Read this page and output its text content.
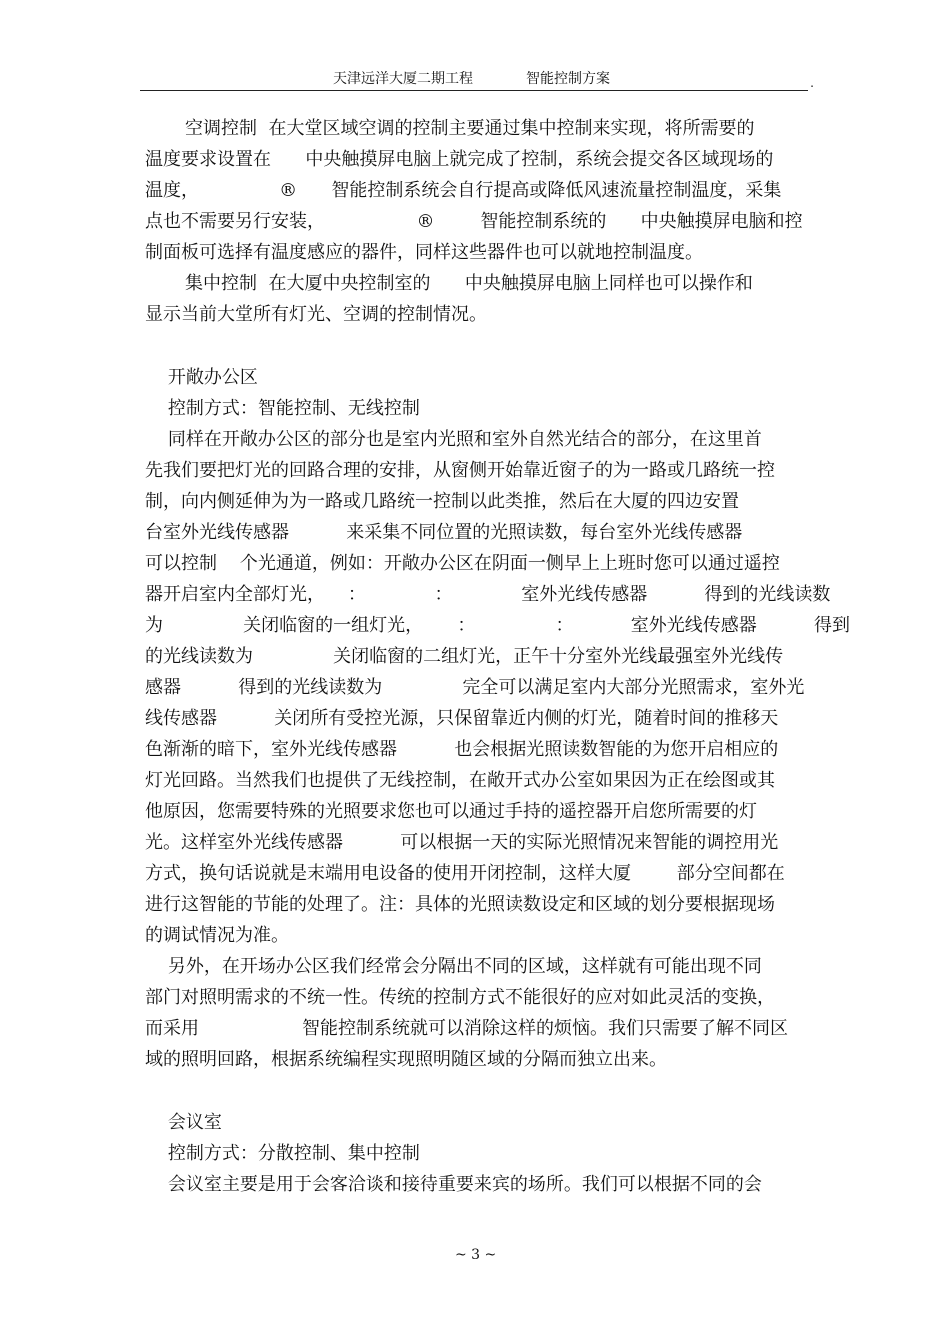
天津远洋大厦二期工程	智能控制方案	.
空调控制  在大堂区域空调的控制主要通过集中控制来实现，将所需要的
温度要求设置在      中央触摸屏电脑上就完成了控制，系统会提交各区域现场的
温度，              ®      智能控制系统会自行提高或降低风速流量控制温度，采集
点也不需要另行安装，                ®        智能控制系统的      中央触摸屏电脑和控
制面板可选择有温度感应的器件，同样这些器件也可以就地控制温度。
集中控制  在大厦中央控制室的      中央触摸屏电脑上同样也可以操作和
显示当前大堂所有灯光、空调的控制情况。
开敞办公区
控制方式：智能控制、无线控制
同样在开敞办公区的部分也是室内光照和室外自然光结合的部分，在这里首
先我们要把灯光的回路合理的安排，从窗侧开始靠近窗子的为一路或几路统一控
制，向内侧延伸为为一路或几路统一控制以此类推，然后在大厦的四边安置
台室外光线传感器          来采集不同位置的光照读数，每台室外光线传感器
可以控制    个光通道，例如：开敞办公区在阴面一侧早上上班时您可以通过遥控
器开启室内全部灯光，    ：            ：            室外光线传感器          得到的光线读数
为              关闭临窗的一组灯光，      ：              ：          室外光线传感器          得到
的光线读数为              关闭临窗的二组灯光，正午十分室外光线最强室外光线传
感器          得到的光线读数为              完全可以满足室内大部分光照需求，室外光
线传感器          关闭所有受控光源，只保留靠近内侧的灯光，随着时间的推移天
色渐渐的暗下，室外光线传感器          也会根据光照读数智能的为您开启相应的
灯光回路。当然我们也提供了无线控制，在敞开式办公室如果因为正在绘图或其
他原因，您需要特殊的光照要求您也可以通过手持的遥控器开启您所需要的灯
光。这样室外光线传感器          可以根据一天的实际光照情况来智能的调控用光
方式，换句话说就是末端用电设备的使用开闭控制，这样大厦        部分空间都在
进行这智能的节能的处理了。注：具体的光照读数设定和区域的划分要根据现场
的调试情况为准。
另外，在开场办公区我们经常会分隔出不同的区域，这样就有可能出现不同
部门对照明需求的不统一性。传统的控制方式不能很好的应对如此灵活的变换，
而采用                  智能控制系统就可以消除这样的烦恼。我们只需要了解不同区
域的照明回路，根据系统编程实现照明随区域的分隔而独立出来。
会议室
控制方式：分散控制、集中控制
会议室主要是用于会客洽谈和接待重要来宾的场所。我们可以根据不同的会
~ 3 ~
